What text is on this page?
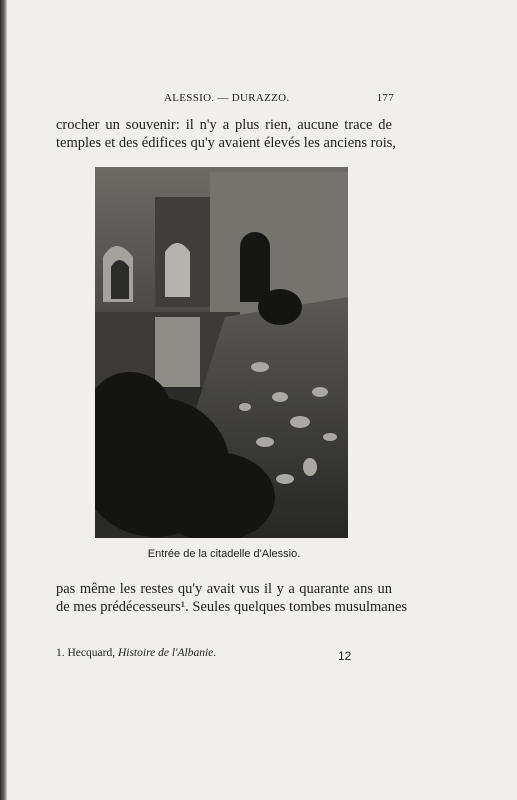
ALESSIO. — DURAZZO.	177
crocher un souvenir: il n'y a plus rien, aucune trace de
temples et des édifices qu'y avaient élevés les anciens rois,
Entrée de la citadelle d'Alessio.
pas même les restes qu'y avait vus il y a quarante ans un
de mes prédécesseurs¹. Seules quelques tombes musulmanes
1. Hecquard, Histoire de l'Albanie.	12
